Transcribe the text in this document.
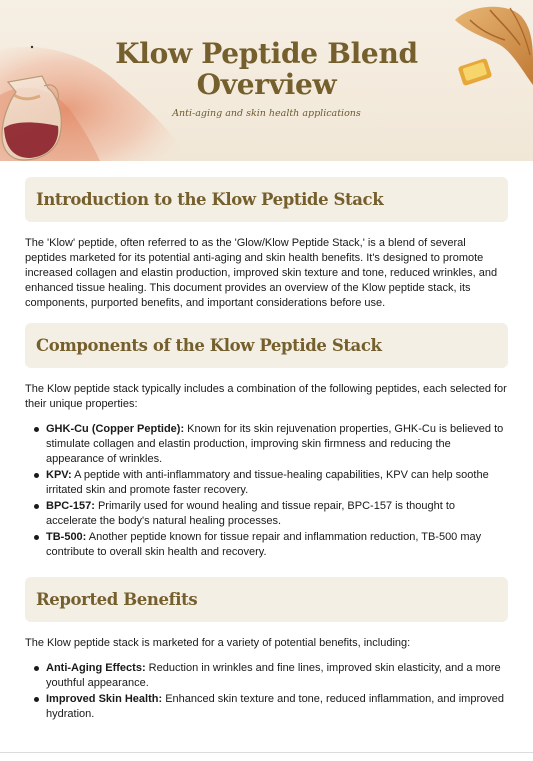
Klow Peptide Blend Overview
Anti-aging and skin health applications
Introduction to the Klow Peptide Stack

The 'Klow' peptide, often referred to as the 'Glow/Klow Peptide Stack,' is a blend of several peptides marketed for its potential anti-aging and skin health benefits. It's designed to promote increased collagen and elastin production, improved skin texture and tone, reduced wrinkles, and enhanced tissue healing. This document provides an overview of the Klow peptide stack, its components, purported benefits, and important considerations before use.

Components of the Klow Peptide Stack

The Klow peptide stack typically includes a combination of the following peptides, each selected for their unique properties:

GHK-Cu (Copper Peptide): Known for its skin rejuvenation properties, GHK-Cu is believed to stimulate collagen and elastin production, improving skin firmness and reducing the appearance of wrinkles.
KPV: A peptide with anti-inflammatory and tissue-healing capabilities, KPV can help soothe irritated skin and promote faster recovery.
BPC-157: Primarily used for wound healing and tissue repair, BPC-157 is thought to accelerate the body's natural healing processes.
TB-500: Another peptide known for tissue repair and inflammation reduction, TB-500 may contribute to overall skin health and recovery.
Reported Benefits

The Klow peptide stack is marketed for a variety of potential benefits, including:

Anti-Aging Effects: Reduction in wrinkles and fine lines, improved skin elasticity, and a more youthful appearance.
Improved Skin Health: Enhanced skin texture and tone, reduced inflammation, and improved hydration.
